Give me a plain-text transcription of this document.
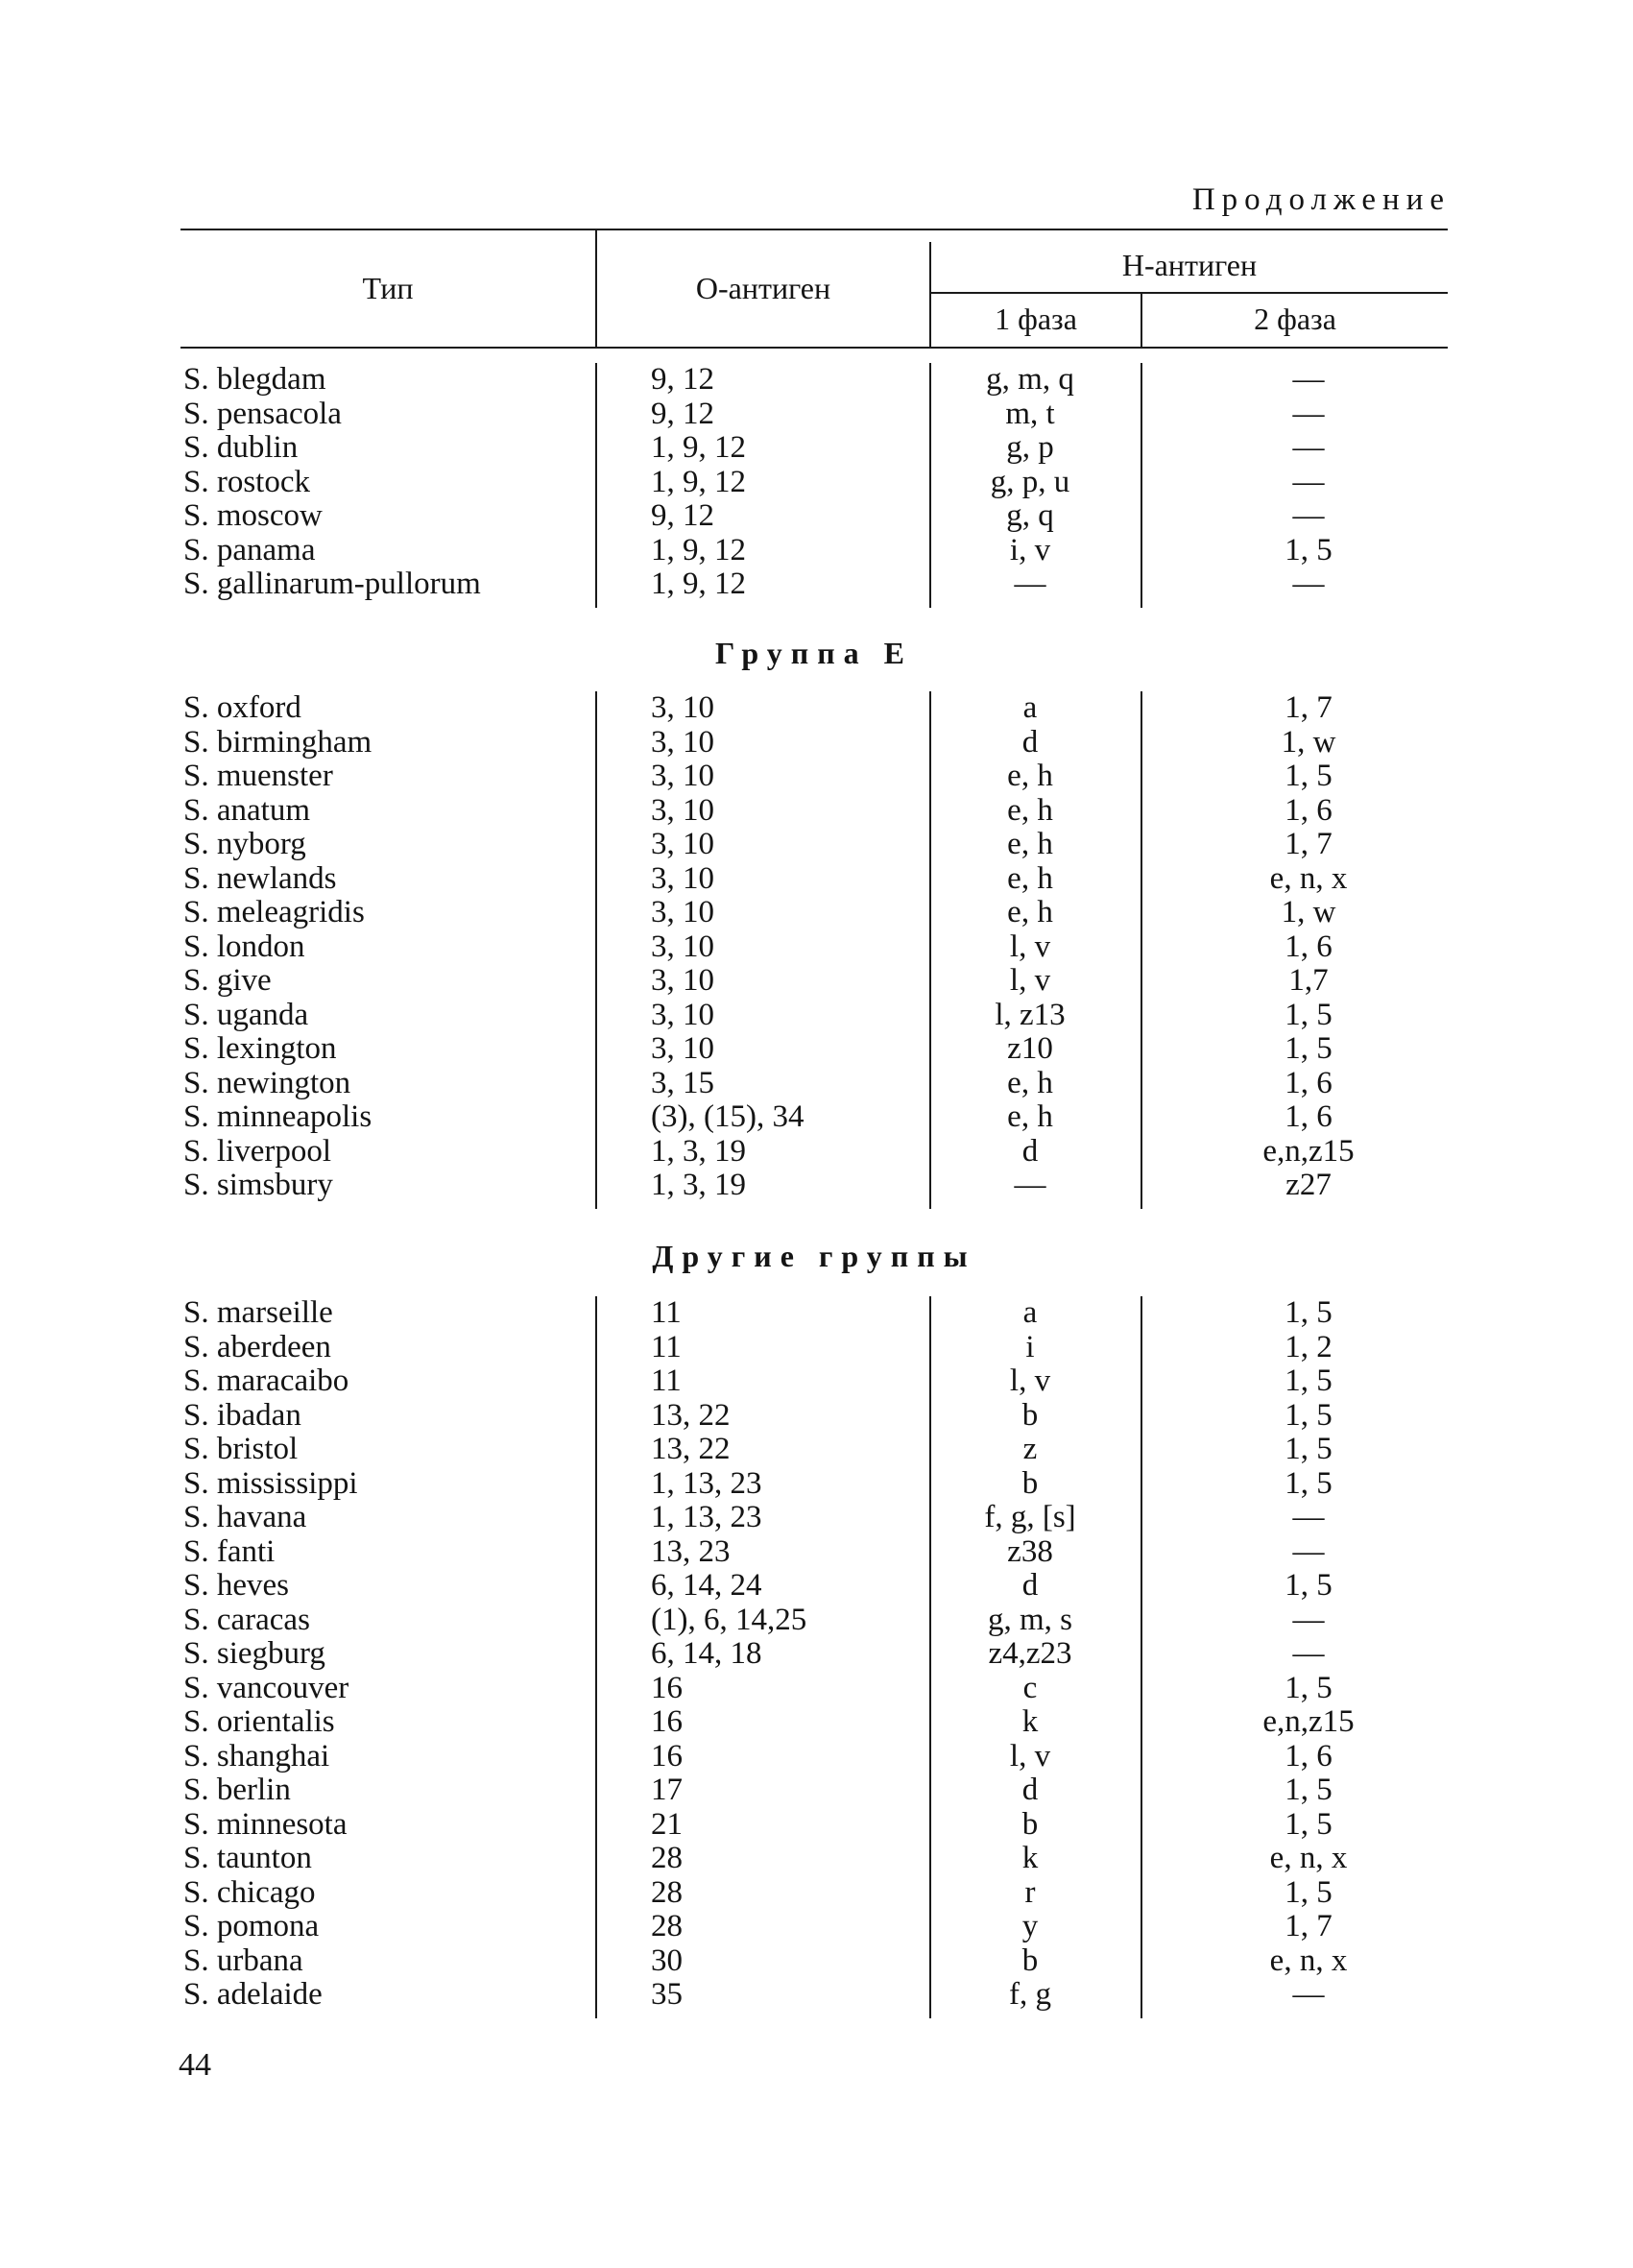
Продолжение
Тип	О-антиген
Н-антиген
1 фаза	2 фаза
S. blegdam	9, 12	g, m, q	—
S. pensacola	9, 12	m, t	—
S. dublin	1, 9, 12	g, p	—
S. rostock	1, 9, 12	g, p, u	—
S. moscow	9, 12	g, q	—
S. panama	1, 9, 12	i, v	1, 5
S. gallinarum-pullorum	1, 9, 12	—	—
Группа Е
S. oxford	3, 10	a	1, 7
S. birmingham	3, 10	d	1, w
S. muenster	3, 10	e, h	1, 5
S. anatum	3, 10	e, h	1, 6
S. nyborg	3, 10	e, h	1, 7
S. newlands	3, 10	e, h	e, n, x
S. meleagridis	3, 10	e, h	1, w
S. london	3, 10	l, v	1, 6
S. give	3, 10	l, v	1,7
S. uganda	3, 10	l, z13	1, 5
S. lexington	3, 10	z10	1, 5
S. newington	3, 15	e, h	1, 6
S. minneapolis	(3), (15), 34	e, h	1, 6
S. liverpool	1, 3, 19	d	e,n,z15
S. simsbury	1, 3, 19	—	z27
Другие группы
S. marseille	11	a	1, 5
S. aberdeen	11	i	1, 2
S. maracaibo	11	l, v	1, 5
S. ibadan	13, 22	b	1, 5
S. bristol	13, 22	z	1, 5
S. mississippi	1, 13, 23	b	1, 5
S. havana	1, 13, 23	f, g, [s]	—
S. fanti	13, 23	z38	—
S. heves	6, 14, 24	d	1, 5
S. caracas	(1), 6, 14,25	g, m, s	—
S. siegburg	6, 14, 18	z4,z23	—
S. vancouver	16	c	1, 5
S. orientalis	16	k	e,n,z15
S. shanghai	16	l, v	1, 6
S. berlin	17	d	1, 5
S. minnesota	21	b	1, 5
S. taunton	28	k	e, n, x
S. chicago	28	r	1, 5
S. pomona	28	y	1, 7
S. urbana	30	b	e, n, x
S. adelaide	35	f, g	—
44
